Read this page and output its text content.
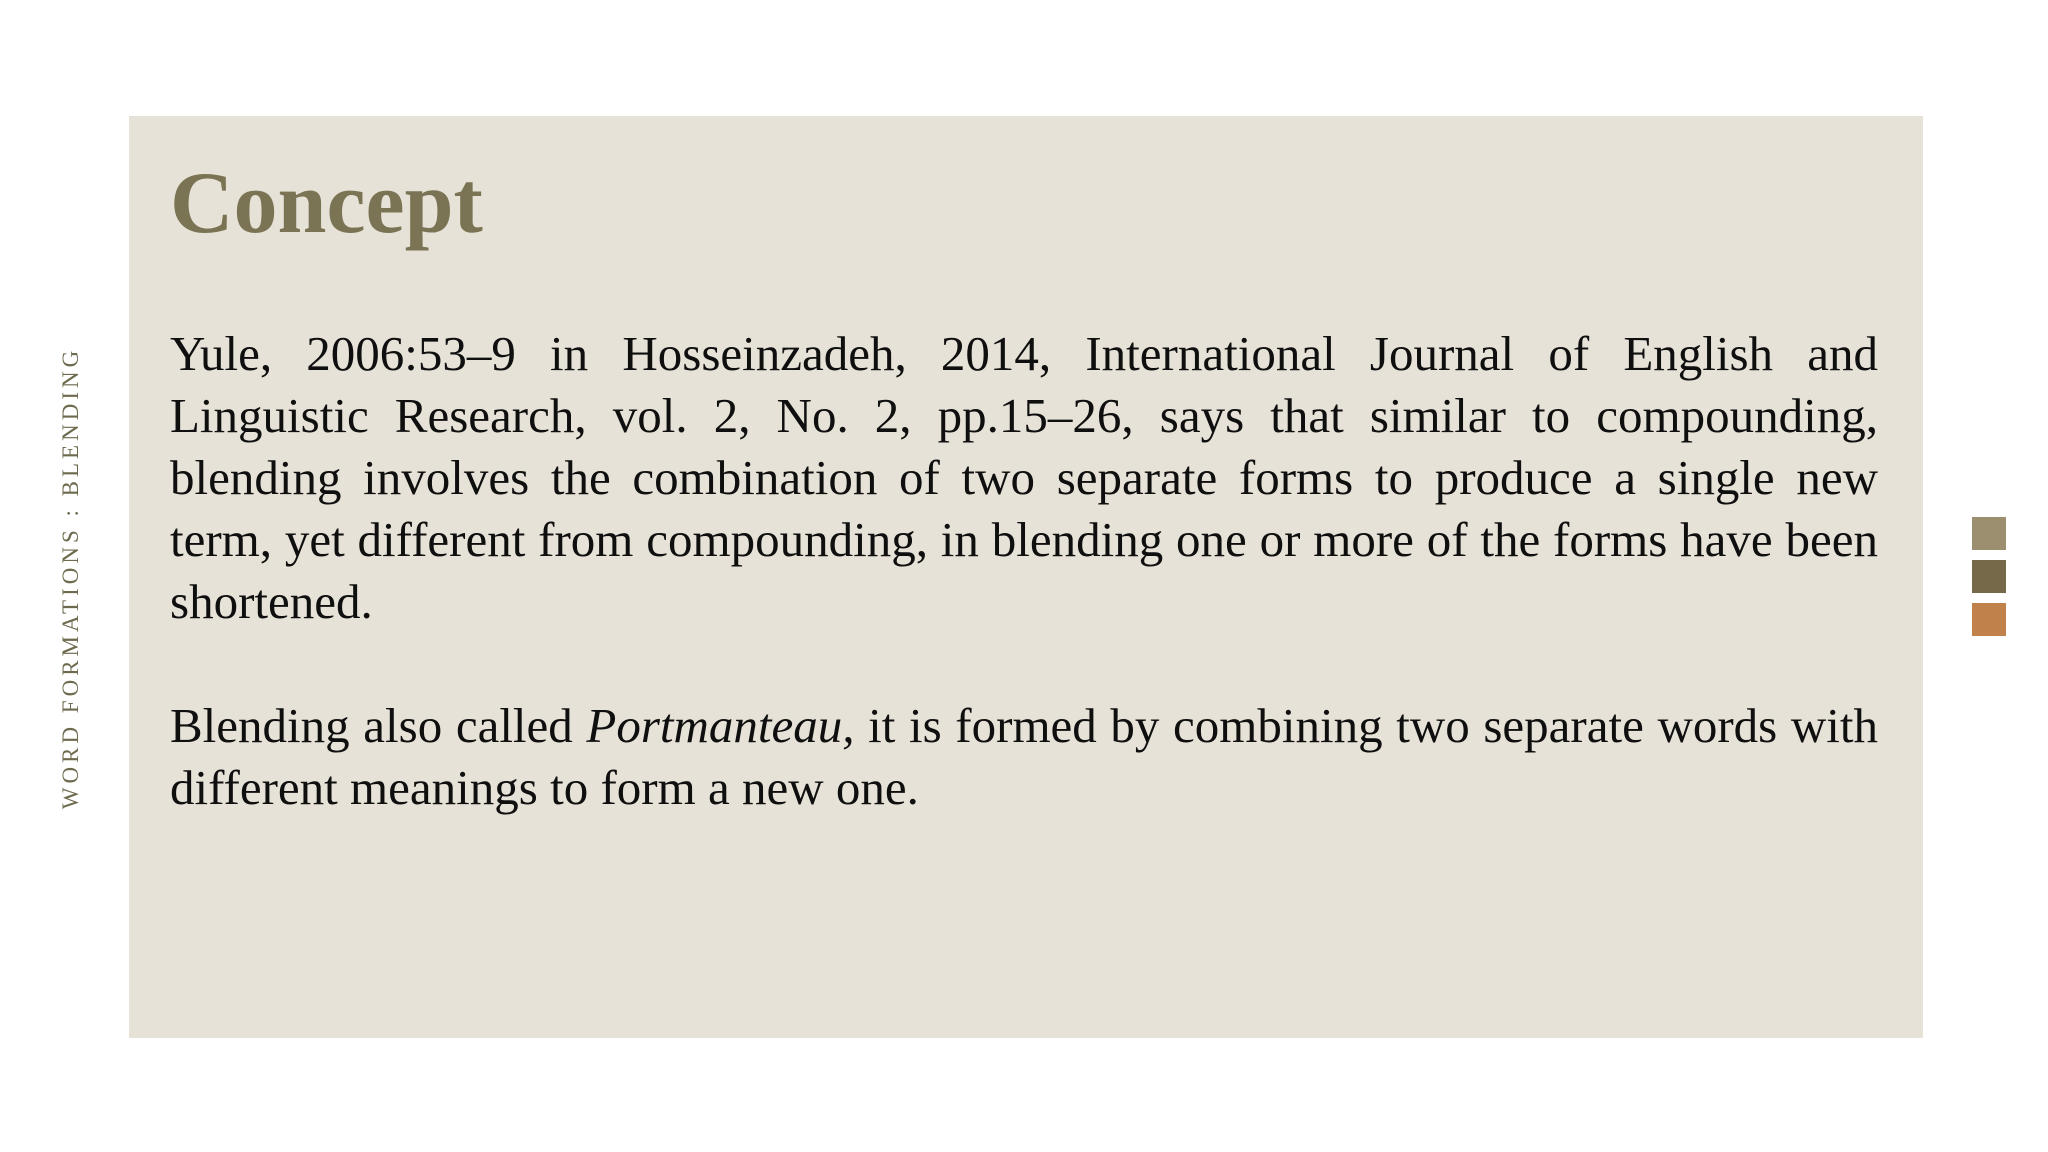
WORD FORMATIONS : BLENDING
Concept

Yule, 2006:53–9 in Hosseinzadeh, 2014, International Journal of English and Linguistic Research, vol. 2, No. 2, pp.15–26, says that similar to compounding, blending involves the combination of two separate forms to produce a single new term, yet different from compounding, in blending one or more of the forms have been shortened.

Blending also called Portmanteau, it is formed by combining two separate words with different meanings to form a new one.
